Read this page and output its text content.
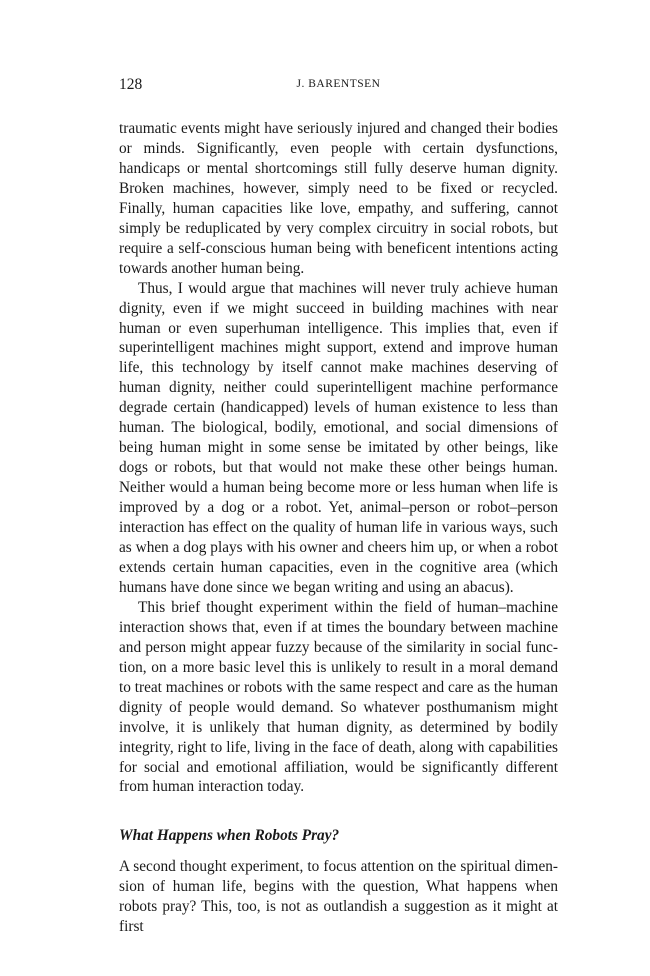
128	J. BARENTSEN

traumatic events might have seriously injured and changed their bodies or minds. Significantly, even people with certain dysfunctions, handicaps or mental shortcomings still fully deserve human dignity. Broken machines, however, simply need to be fixed or recycled. Finally, human capacities like love, empathy, and suffering, cannot simply be reduplicated by very complex circuitry in social robots, but require a self-conscious human being with beneficent intentions acting towards another human being.

Thus, I would argue that machines will never truly achieve human dignity, even if we might succeed in building machines with near human or even superhuman intelligence. This implies that, even if superintelligent machines might support, extend and improve human life, this technology by itself cannot make machines deserving of human dignity, neither could superintelligent machine performance degrade certain (handicapped) levels of human existence to less than human. The biological, bodily, emotional, and social dimensions of being human might in some sense be imitated by other beings, like dogs or robots, but that would not make these other beings human. Neither would a human being become more or less human when life is improved by a dog or a robot. Yet, animal–person or robot–person interaction has effect on the quality of human life in various ways, such as when a dog plays with his owner and cheers him up, or when a robot extends certain human capacities, even in the cognitive area (which humans have done since we began writing and using an abacus).

This brief thought experiment within the field of human–machine interaction shows that, even if at times the boundary between machine and person might appear fuzzy because of the similarity in social function, on a more basic level this is unlikely to result in a moral demand to treat machines or robots with the same respect and care as the human dignity of people would demand. So whatever posthumanism might involve, it is unlikely that human dignity, as determined by bodily integrity, right to life, living in the face of death, along with capabilities for social and emotional affiliation, would be significantly different from human interaction today.

What Happens when Robots Pray?

A second thought experiment, to focus attention on the spiritual dimension of human life, begins with the question, What happens when robots pray? This, too, is not as outlandish a suggestion as it might at first
